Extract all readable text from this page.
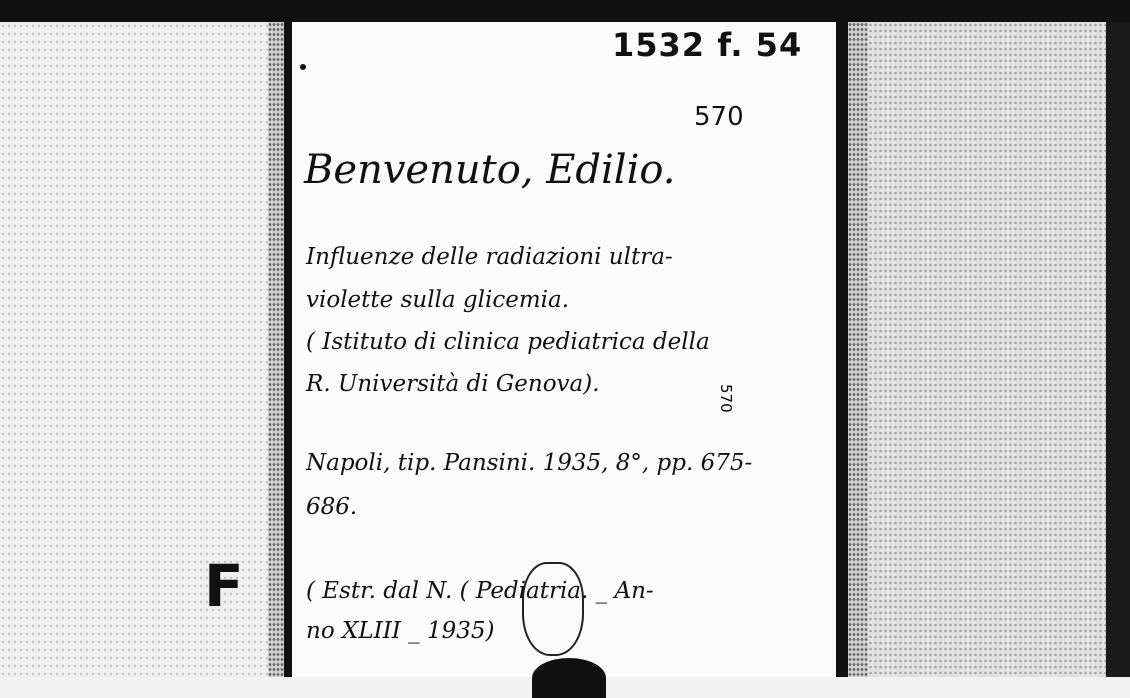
F
1532 f. 54
570
Benvenuto, Edilio.
Influenze delle radiazioni ultra-
violette sulla glicemia.
( Istituto di clinica pediatrica della
R. Università di Genova).	570
Napoli, tip. Pansini. 1935, 8°, pp. 675-
686.
( Estr. dal N. ( Pediatria. _ An-
no XLIII _ 1935)
